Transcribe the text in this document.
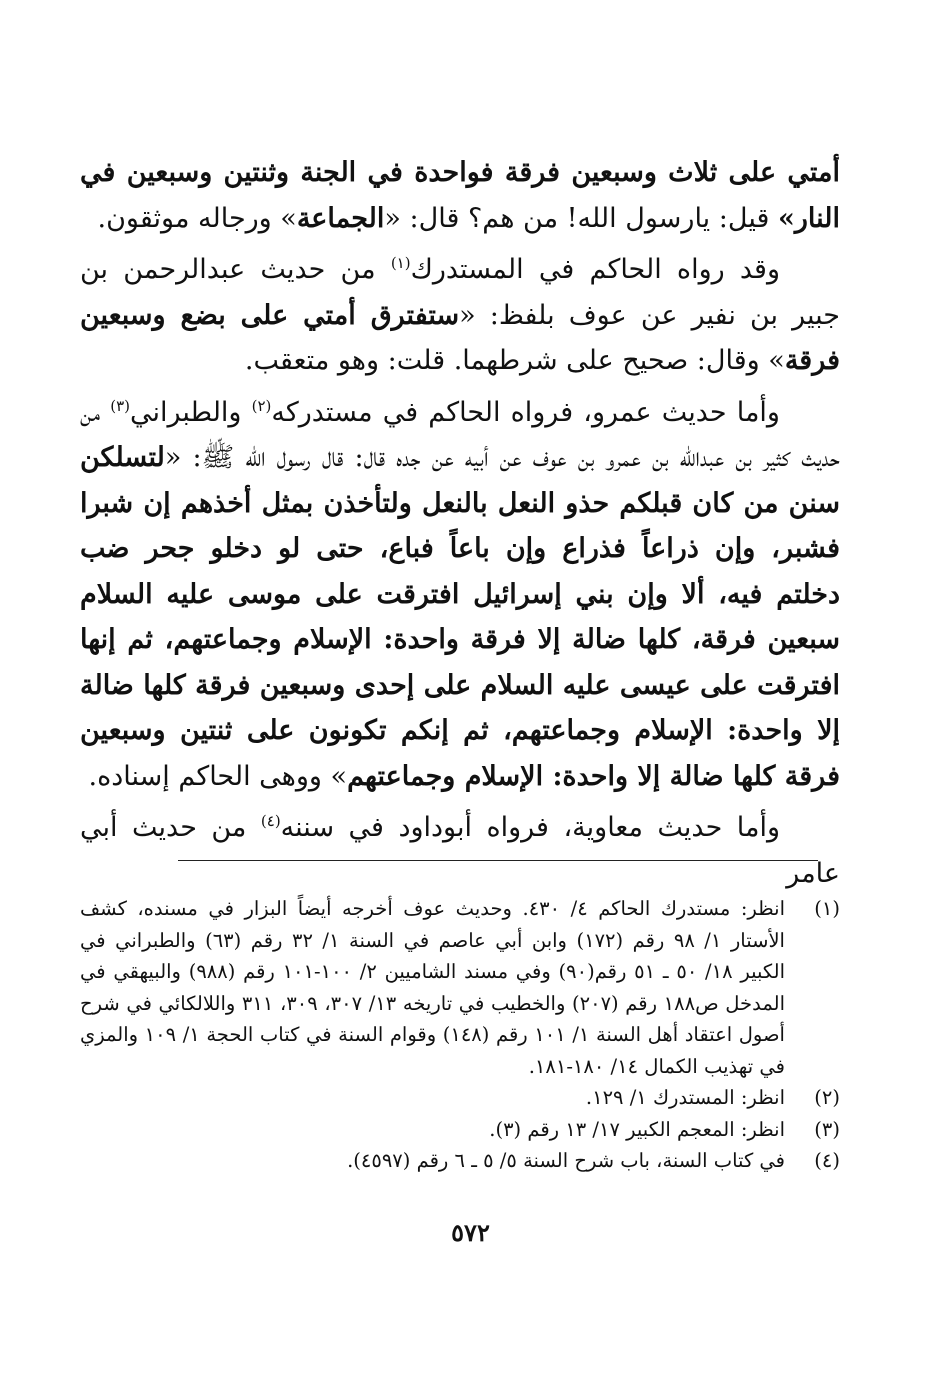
أمتي على ثلاث وسبعين فرقة فواحدة في الجنة وثنتين وسبعين في النار» قيل: يارسول الله! من هم؟ قال: «الجماعة» ورجاله موثقون.

وقد رواه الحاكم في المستدرك$^{(١)}$ من حديث عبدالرحمن بن جبير بن نفير عن عوف بلفظ: «ستفترق أمتي على بضع وسبعين فرقة» وقال: صحيح على شرطهما. قلت: وهو متعقب.

وأما حديث عمرو، فرواه الحاكم في مستدركه$^{(٢)}$ والطبراني$^{(٣)}$ من حديث كثير بن عبدالله بن عمرو بن عوف عن أبيه عن جده قال: قال رسول الله ﷺ: «لتسلكن سنن من كان قبلكم حذو النعل بالنعل ولتأخذن بمثل أخذهم إن شبرا فشبر، وإن ذراعاً فذراع وإن باعاً فباع، حتى لو دخلو جحر ضب دخلتم فيه، ألا وإن بني إسرائيل افترقت على موسى عليه السلام سبعين فرقة، كلها ضالة إلا فرقة واحدة: الإسلام وجماعتهم، ثم إنها افترقت على عيسى عليه السلام على إحدى وسبعين فرقة كلها ضالة إلا واحدة: الإسلام وجماعتهم، ثم إنكم تكونون على ثنتين وسبعين فرقة كلها ضالة إلا واحدة: الإسلام وجماعتهم» ووهى الحاكم إسناده.

وأما حديث معاوية، فرواه أبوداود في سننه$^{(٤)}$ من حديث أبي عامر

(١)
انظر: مستدرك الحاكم ٤/ ٤٣٠. وحديث عوف أخرجه أيضاً البزار في مسنده، كشف الأستار ١/ ٩٨ رقم (١٧٢) وابن أبي عاصم في السنة ١/ ٣٢ رقم (٦٣) والطبراني في الكبير ١٨/ ٥٠ ـ ٥١ رقم(٩٠) وفي مسند الشاميين ٢/ ١٠٠-١٠١ رقم (٩٨٨) والبيهقي في المدخل ص١٨٨ رقم (٢٠٧) والخطيب في تاريخه ١٣/ ٣٠٧، ٣٠٩، ٣١١ واللالكائي في شرح أصول اعتقاد أهل السنة ١/ ١٠١ رقم (١٤٨) وقوام السنة في كتاب الحجة ١/ ١٠٩ والمزي في تهذيب الكمال ١٤/ ١٨٠-١٨١.
(٢)
انظر: المستدرك ١/ ١٢٩.
(٣)
انظر: المعجم الكبير ١٧/ ١٣ رقم (٣).
(٤)
في كتاب السنة، باب شرح السنة ٥/ ٥ ـ ٦ رقم (٤٥٩٧).
٥٧٢
